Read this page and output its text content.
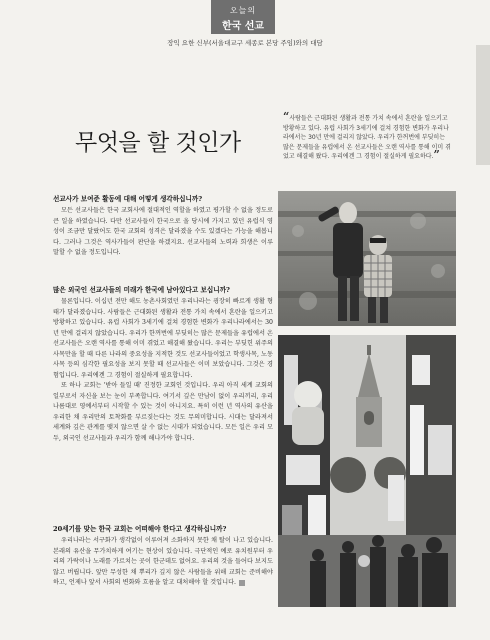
오늘의
한국 선교
장익 요한 신부(서울대교구 세종로 본당 주임)와의 대담
무엇을 할 것인가
“사람들은 근대화된 생활과 전통 가치 속에서 혼란을 일으키고 방황하고 있다. 유럽 사회가 3세기에 걸쳐 경험한 변화가 우리나라에서는 30년 만에 걸리지 않았다. 우리가 한꺼번에 부딪히는 많은 문제들을 유럽에서 온 선교사들은 오랜 역사를 통해 이미 겪었고 해결해 왔다. 우리에겐 그 경험이 절실하게 필요하다.”

선교사가 보여준 활동에 대해 어떻게 생각하십니까?

모든 선교사들은 한국 교회사에 절대적인 역할을 하였고 평가할 수 없을 정도로 큰 일을 하였습니다. 다만 선교사들이 한국으로 올 당시에 가지고 있던 유럽식 영성이 조금만 달랐어도 한국 교회의 성격은 달라졌을 수도 있겠다는 가능을 해봅니다. 그러나 그것은 역사가들이 판단을 하겠지요. 선교사들의 노력과 희생은 이루 말할 수 없을 정도입니다.

많은 외국인 선교사들의 미래가 한국에 남아있다고 보십니까?

물론입니다. 이십년 전만 해도 농촌사회였던 우리나라는 굉장히 빠르게 생활 형태가 달라졌습니다. 사람들은 근대화된 생활과 전통 가치 속에서 혼란을 일으키고 방황하고 있습니다. 유럽 사회가 3세기에 걸쳐 경험한 변화가 우리나라에서는 30년 만에 걸리지 않았습니다. 우리가 한꺼번에 부딪히는 많은 문제들을 유럽에서 온 선교사들은 오랜 역사를 통해 이미 겪었고 해결해 왔습니다. 우리는 부딪힌 위주의 사목만을 할 때 다른 나라의 중요성을 지적한 것도 선교사들이었고 학생사목, 노동사목 등의 심각한 필요성을 보지 못할 때 선교사들은 이미 보았습니다. 그것은 경험입니다. 우리에겐 그 경험이 절실하게 필요합니다.

또 하나 교회는 '받아 들일 때' 진정한 교회인 것입니다. 우리 아직 세계 교회의 일부로서 자신을 보는 눈이 부족합니다. 여기서 깊은 만남이 없이 우리끼리, 우리 나름대로 영예서부터 시작할 수 있는 것이 아니지요. 특히 이런 년 역사의 유산을 우리한 채 우리만의 토착화를 부르짖는다는 것도 무의미합니다. 시대는 달라져서 세계와 깊은 관계를 맺지 않으면 살 수 없는 시대가 되었습니다. 모든 일은 우리 모두, 외국인 선교사들과 우리가 함께 해나가야 합니다.

20세기를 맞는 한국 교회는 어떠해야 한다고 생각하십니까?

우리나라는 서구화가 생각없이 이루어져 소화하지 못한 채 탈이 나고 있습니다. 본래의 유산을 무가치하게 여기는 현상이 있습니다. 극단적인 예로 유치원부터 우리의 가락이나 노래를 가르치는 곳이 한군데도 없어요. 우리의 것을 들어다 보지도 않고 버립니다. 앞만 무성한 채 뿌리가 깊지 않은 사람들을 위해 교회는 준비해야 하고, 언제나 앞서 사회의 변화와 흐름을 알고 대처해야 할 것입니다.
